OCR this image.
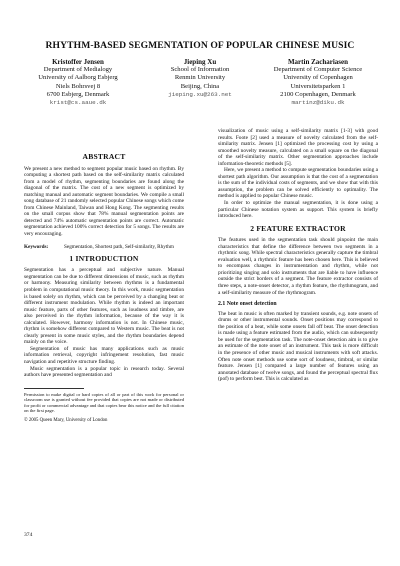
RHYTHM-BASED SEGMENTATION OF POPULAR CHINESE MUSIC
Kristoffer Jensen
Department of Medialogy
University of Aalborg Esbjerg
Niels Bohrsvej 8
6700 Esbjerg, Denmark
krist@cs.aaue.dk
Jieping Xu
School of Information
Renmin University
Beijing, China
jieping.xu@263.net
Martin Zachariasen
Department of Computer Science
University of Copenhagen
Universitetsparken 1
2100 Copenhagen, Denmark
martinz@diku.dk
ABSTRACT

We present a new method to segment popular music based on rhythm. By computing a shortest path based on the self-similarity matrix calculated from a model of rhythm, segmenting boundaries are found along the diagonal of the matrix. The cost of a new segment is optimized by matching manual and automatic segment boundaries. We compile a small song database of 21 randomly selected popular Chinese songs which come from Chinese Mainland, Taiwan and Hong Kong. The segmenting results on the small corpus show that 78% manual segmentation points are detected and 74% automatic segmentation points are correct. Automatic segmentation achieved 100% correct detection for 5 songs. The results are very encouraging.

Keywords:	Segmentation, Shortest path, Self-similarity, Rhythm
1 INTRODUCTION

Segmentation has a perceptual and subjective nature. Manual segmentation can be due to different dimensions of music, such as rhythm or harmony. Measuring similarity between rhythms is a fundamental problem in computational music theory. In this work, music segmentation is based solely on rhythm, which can be perceived by a changing beat or different instrument modulation. While rhythm is indeed an important music feature, parts of other features, such as loudness and timbre, are also perceived in the rhythm information, because of the way it is calculated. However, harmony information is not. In Chinese music, rhythm is somehow different compared to Western music. The beat is not clearly present in some music styles, and the rhythm boundaries depend mainly on the voice.

Segmentation of music has many applications such as music information retrieval, copyright infringement resolution, fast music navigation and repetitive structure finding.

Music segmentation is a popular topic in research today. Several authors have presented segmentation and

Permission to make digital or hard copies of all or part of this work for personal or classroom use is granted without fee provided that copies are not made or distributed for profit or commercial advantage and that copies bear this notice and the full citation on the first page.
© 2005 Queen Mary, University of London

visualization of music using a self-similarity matrix [1-3] with good results. Foote [2] used a measure of novelty calculated from the self-similarity matrix. Jensen [1] optimized the processing cost by using a smoothed novelty measure, calculated on a small square on the diagonal of the self-similarity matrix. Other segmentation approaches include information-theoretic methods [5].

Here, we present a method to compute segmentation boundaries using a shortest path algorithm. Our assumption is that the cost of a segmentation is the sum of the individual costs of segments, and we show that with this assumption, the problem can be solved efficiently to optimality. The method is applied to popular Chinese music.

In order to optimize the manual segmentation, it is done using a particular Chinese notation system as support. This system is briefly introduced here.

2 FEATURE EXTRACTOR

The features used in the segmentation task should pinpoint the main characteristics that define the difference between two segments in a rhythmic song. While spectral characteristics generally capture the timbral evaluation well, a rhythmic feature has been chosen here. This is believed to encompass changes in instrumentation and rhythm, while not prioritizing singing and solo instruments that are liable to have influence outside the strict borders of a segment. The feature extractor consists of three steps, a note-onset detector, a rhythm feature, the rhythmogram, and a self-similarity measure of the rhythmogram.

2.1 Note onset detection

The beat in music is often marked by transient sounds, e.g. note onsets of drums or other instrumental sounds. Onset positions may correspond to the position of a beat, while some onsets fall off beat. The onset detection is made using a feature estimated from the audio, which can subsequently be used for the segmentation task. The note-onset detection aim is to give an estimate of the note onset of an instrument. This task is more difficult in the presence of other music and musical instruments with soft attacks. Often note onset methods use some sort of loudness, timbral, or similar feature. Jensen [1] compared a large number of features using an annotated database of twelve songs, and found the perceptual spectral flux (pof) to perform best. This is calculated as

374
